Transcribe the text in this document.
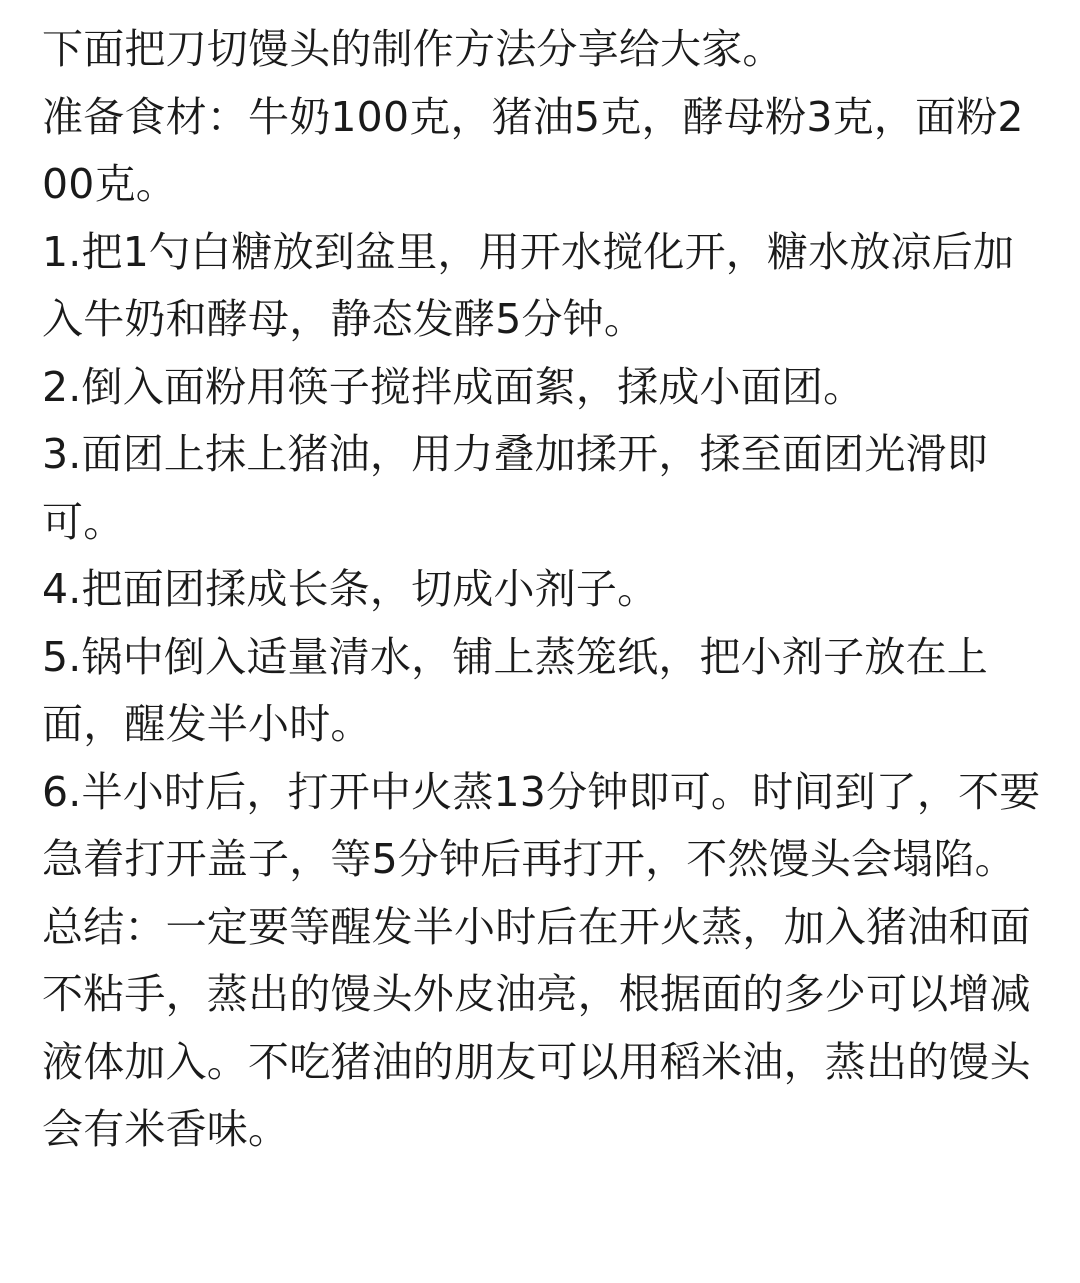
下面把刀切馒头的制作方法分享给大家。

准备食材：牛奶100克，猪油5克，酵母粉3克，面粉200克。

1.把1勺白糖放到盆里，用开水搅化开，糖水放凉后加入牛奶和酵母，静态发酵5分钟。

2.倒入面粉用筷子搅拌成面絮，揉成小面团。

3.面团上抹上猪油，用力叠加揉开，揉至面团光滑即可。

4.把面团揉成长条，切成小剂子。

5.锅中倒入适量清水，铺上蒸笼纸，把小剂子放在上面，醒发半小时。

6.半小时后，打开中火蒸13分钟即可。时间到了，不要急着打开盖子，等5分钟后再打开，不然馒头会塌陷。

总结：一定要等醒发半小时后在开火蒸，加入猪油和面不粘手，蒸出的馒头外皮油亮，根据面的多少可以增减液体加入。不吃猪油的朋友可以用稻米油，蒸出的馒头会有米香味。
